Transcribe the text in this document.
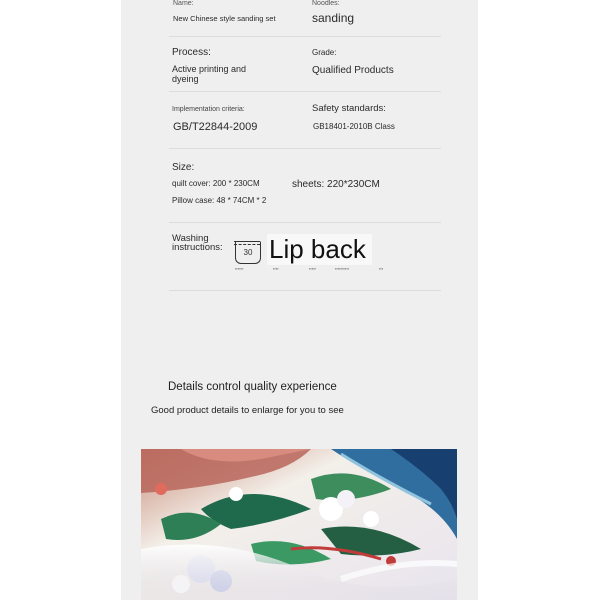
Name:
New Chinese style sanding set
Noodles:
sanding
Process:
Active printing and
dyeing
Grade:
Qualified Products
Implementation criteria:
GB/T22844-2009
Safety standards:
GB18401-2010B Class
Size:
quilt cover: 200 * 230CM	sheets: 220*230CM
Pillow case: 48 * 74CM * 2
Washing
instructions:	30 Lip back
▪▪▪▪▪▪	▪▪▪▪	▪▪▪▪▪	▪▪▪▪▪▪▪▪▪▪	▪▪▪
Details control quality experience
Good product details to enlarge for you to see
